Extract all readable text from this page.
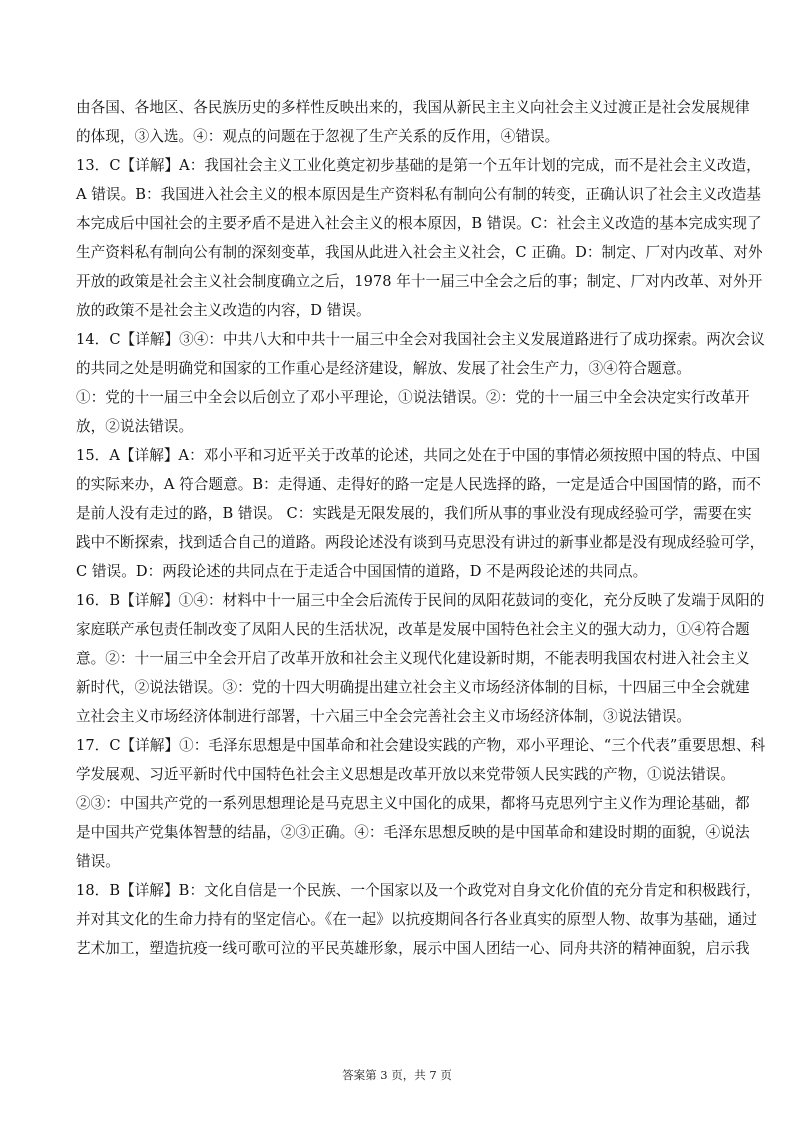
由各国、各地区、各民族历史的多样性反映出来的，我国从新民主主义向社会主义过渡正是社会发展规律
的体现，③入选。④：观点的问题在于忽视了生产关系的反作用，④错误。
13．C【详解】A：我国社会主义工业化奠定初步基础的是第一个五年计划的完成，而不是社会主义改造，
A 错误。B：我国进入社会主义的根本原因是生产资料私有制向公有制的转变，正确认识了社会主义改造基
本完成后中国社会的主要矛盾不是进入社会主义的根本原因，B 错误。C：社会主义改造的基本完成实现了
生产资料私有制向公有制的深刻变革，我国从此进入社会主义社会，C 正确。D：制定、厂对内改革、对外
开放的政策是社会主义社会制度确立之后，1978 年十一届三中全会之后的事；制定、厂对内改革、对外开
放的政策不是社会主义改造的内容，D 错误。
14．C【详解】③④：中共八大和中共十一届三中全会对我国社会主义发展道路进行了成功探索。两次会议
的共同之处是明确党和国家的工作重心是经济建设，解放、发展了社会生产力，③④符合题意。
①：党的十一届三中全会以后创立了邓小平理论，①说法错误。②：党的十一届三中全会决定实行改革开
放，②说法错误。
15．A【详解】A：邓小平和习近平关于改革的论述，共同之处在于中国的事情必须按照中国的特点、中国
的实际来办，A 符合题意。B：走得通、走得好的路一定是人民选择的路，一定是适合中国国情的路，而不
是前人没有走过的路，B 错误。 C：实践是无限发展的，我们所从事的事业没有现成经验可学，需要在实
践中不断探索，找到适合自己的道路。两段论述没有谈到马克思没有讲过的新事业都是没有现成经验可学，
C 错误。D：两段论述的共同点在于走适合中国国情的道路，D 不是两段论述的共同点。
16．B【详解】①④：材料中十一届三中全会后流传于民间的凤阳花鼓词的变化，充分反映了发端于凤阳的
家庭联产承包责任制改变了凤阳人民的生活状况，改革是发展中国特色社会主义的强大动力，①④符合题
意。②：十一届三中全会开启了改革开放和社会主义现代化建设新时期，不能表明我国农村进入社会主义
新时代，②说法错误。③：党的十四大明确提出建立社会主义市场经济体制的目标，十四届三中全会就建
立社会主义市场经济体制进行部署，十六届三中全会完善社会主义市场经济体制，③说法错误。
17．C【详解】①：毛泽东思想是中国革命和社会建设实践的产物，邓小平理论、“三个代表”重要思想、科
学发展观、习近平新时代中国特色社会主义思想是改革开放以来党带领人民实践的产物，①说法错误。
②③：中国共产党的一系列思想理论是马克思主义中国化的成果，都将马克思列宁主义作为理论基础，都
是中国共产党集体智慧的结晶，②③正确。④：毛泽东思想反映的是中国革命和建设时期的面貌，④说法
错误。
18．B【详解】B：文化自信是一个民族、一个国家以及一个政党对自身文化价值的充分肯定和积极践行，
并对其文化的生命力持有的坚定信心。《在一起》以抗疫期间各行各业真实的原型人物、故事为基础，通过
艺术加工，塑造抗疫一线可歌可泣的平民英雄形象，展示中国人团结一心、同舟共济的精神面貌，启示我
答案第 3 页，共 7 页
